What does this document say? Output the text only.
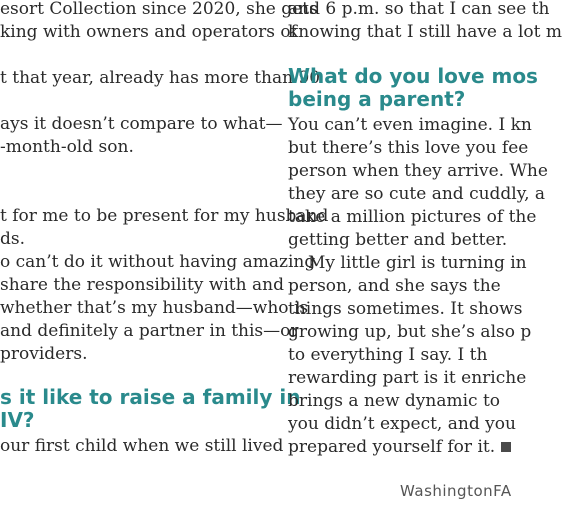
esort Collection since 2020, she gets
king with owners and operators of
t that year, already has more than 90
ays it doesn’t compare to what—
-month-old son.
t for me to be present for my husband
ds.
o can’t do it without having amazing
share the responsibility with and
whether that’s my husband—who is
and definitely a partner in this—or
providers.
s it like to raise a family in
IV?
our first child when we still lived
and 6 p.m. so that I can see th
knowing that I still have a lot m
What do you love mos
being a parent?
You can’t even imagine. I kn
but there’s this love you fee
person when they arrive. Whe
they are so cute and cuddly, a
take a million pictures of the
getting better and better.
My little girl is turning in
person, and she says the
things sometimes. It shows
growing up, but she’s also p
to everything I say. I th
rewarding part is it enriche
brings a new dynamic to
you didn’t expect, and you
prepared yourself for it.
WashingtonFA
